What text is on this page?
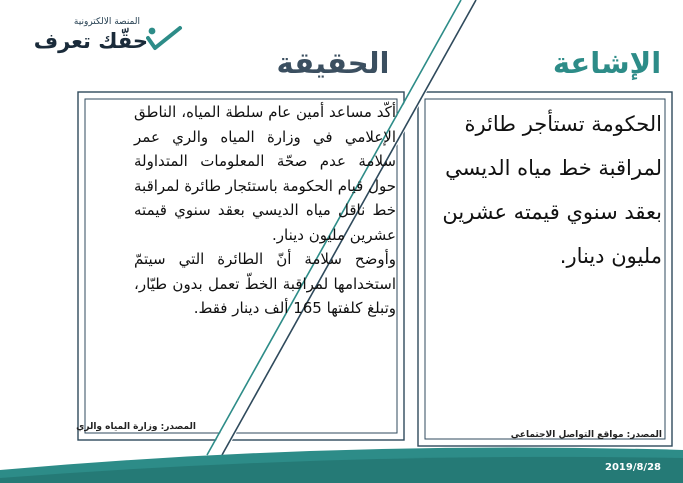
المنصة الالكترونية
حقّك تعرف
الحقيقة	الإشاعة

أكّد مساعد أمين عام سلطة المياه، الناطق الإعلامي في وزارة المياه والري عمر سلامة عدم صحّة المعلومات المتداولة حول قيام الحكومة باستئجار طائرة لمراقبة خط ناقل مياه الديسي بعقد سنوي قيمته عشرين مليون دينار.

وأوضح سلامة أنّ الطائرة التي سيتمّ استخدامها لمراقبة الخطّ تعمل بدون طيّار، وتبلغ كلفتها 165 ألف دينار فقط.

المصدر: وزارة المياه والري
الحكومة تستأجر طائرة لمراقبة خط مياه الديسي بعقد سنوي قيمته عشرين مليون دينار.
المصدر: مواقع التواصل الاجتماعي
2019/8/28
